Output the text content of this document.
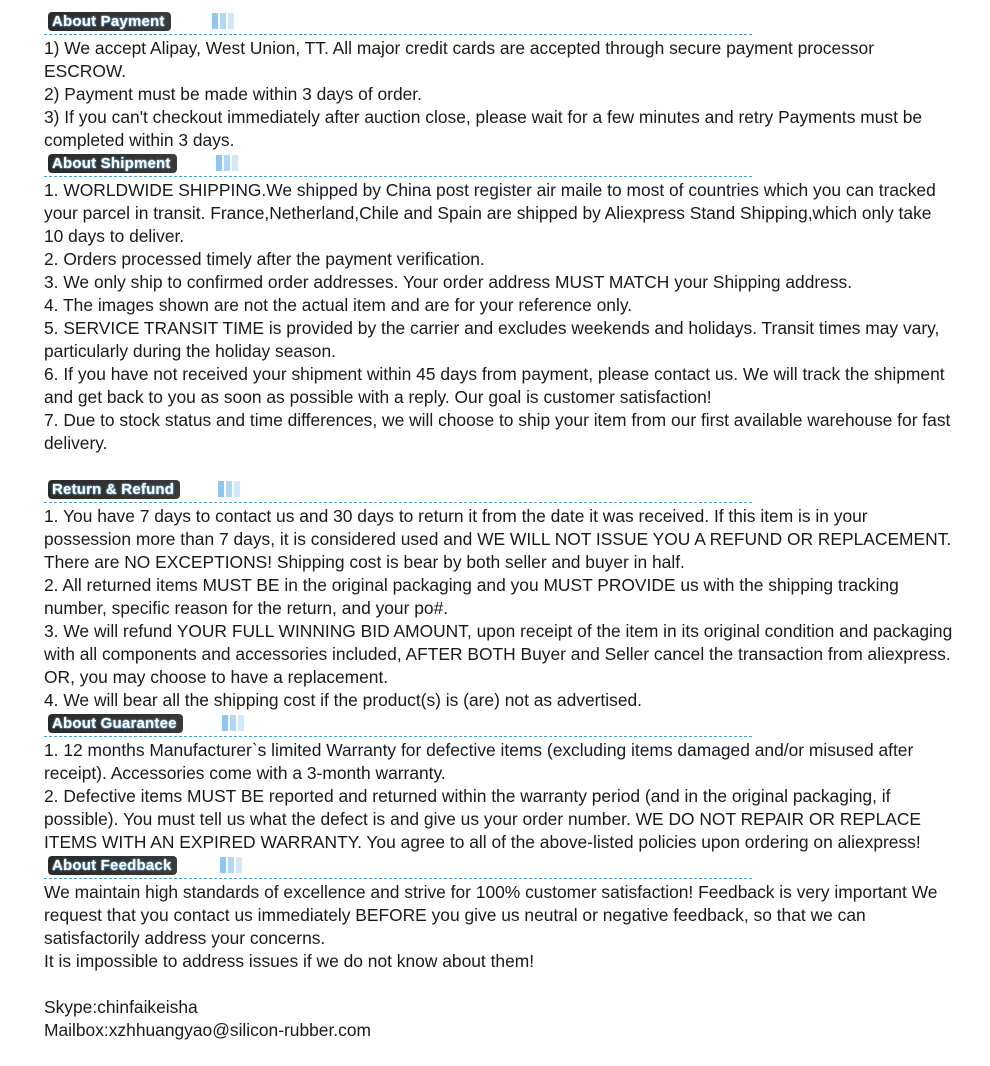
About Payment

1) We accept Alipay, West Union, TT. All major credit cards are accepted through secure payment processor ESCROW.

2) Payment must be made within 3 days of order.

3) If you can't checkout immediately after auction close, please wait for a few minutes and retry Payments must be completed within 3 days.

About Shipment

1. WORLDWIDE SHIPPING.We shipped by China post register air maile to most of countries which you can tracked your parcel in transit. France,Netherland,Chile and Spain are shipped by Aliexpress Stand Shipping,which only take 10 days to deliver.

2. Orders processed timely after the payment verification.

3. We only ship to confirmed order addresses. Your order address MUST MATCH your Shipping address.

4. The images shown are not the actual item and are for your reference only.

5. SERVICE TRANSIT TIME is provided by the carrier and excludes weekends and holidays. Transit times may vary, particularly during the holiday season.

6. If you have not received your shipment within 45 days from payment, please contact us. We will track the shipment and get back to you as soon as possible with a reply. Our goal is customer satisfaction!

7. Due to stock status and time differences, we will choose to ship your item from our first available warehouse for fast delivery.

Return & Refund

1. You have 7 days to contact us and 30 days to return it from the date it was received. If this item is in your possession more than 7 days, it is considered used and WE WILL NOT ISSUE YOU A REFUND OR REPLACEMENT. There are NO EXCEPTIONS! Shipping cost is bear by both seller and buyer in half.

2. All returned items MUST BE in the original packaging and you MUST PROVIDE us with the shipping tracking number, specific reason for the return, and your po#.

3. We will refund YOUR FULL WINNING BID AMOUNT, upon receipt of the item in its original condition and packaging with all components and accessories included, AFTER BOTH Buyer and Seller cancel the transaction from aliexpress. OR, you may choose to have a replacement.

4. We will bear all the shipping cost if the product(s) is (are) not as advertised.

About Guarantee

1. 12 months Manufacturer`s limited Warranty for defective items (excluding items damaged and/or misused after receipt). Accessories come with a 3-month warranty.

2. Defective items MUST BE reported and returned within the warranty period (and in the original packaging, if possible). You must tell us what the defect is and give us your order number. WE DO NOT REPAIR OR REPLACE ITEMS WITH AN EXPIRED WARRANTY. You agree to all of the above-listed policies upon ordering on aliexpress!

About Feedback

We maintain high standards of excellence and strive for 100% customer satisfaction! Feedback is very important We request that you contact us immediately BEFORE you give us neutral or negative feedback, so that we can satisfactorily address your concerns.

It is impossible to address issues if we do not know about them!

Skype:chinfaikeisha

Mailbox:xzhhuangyao@silicon-rubber.com
